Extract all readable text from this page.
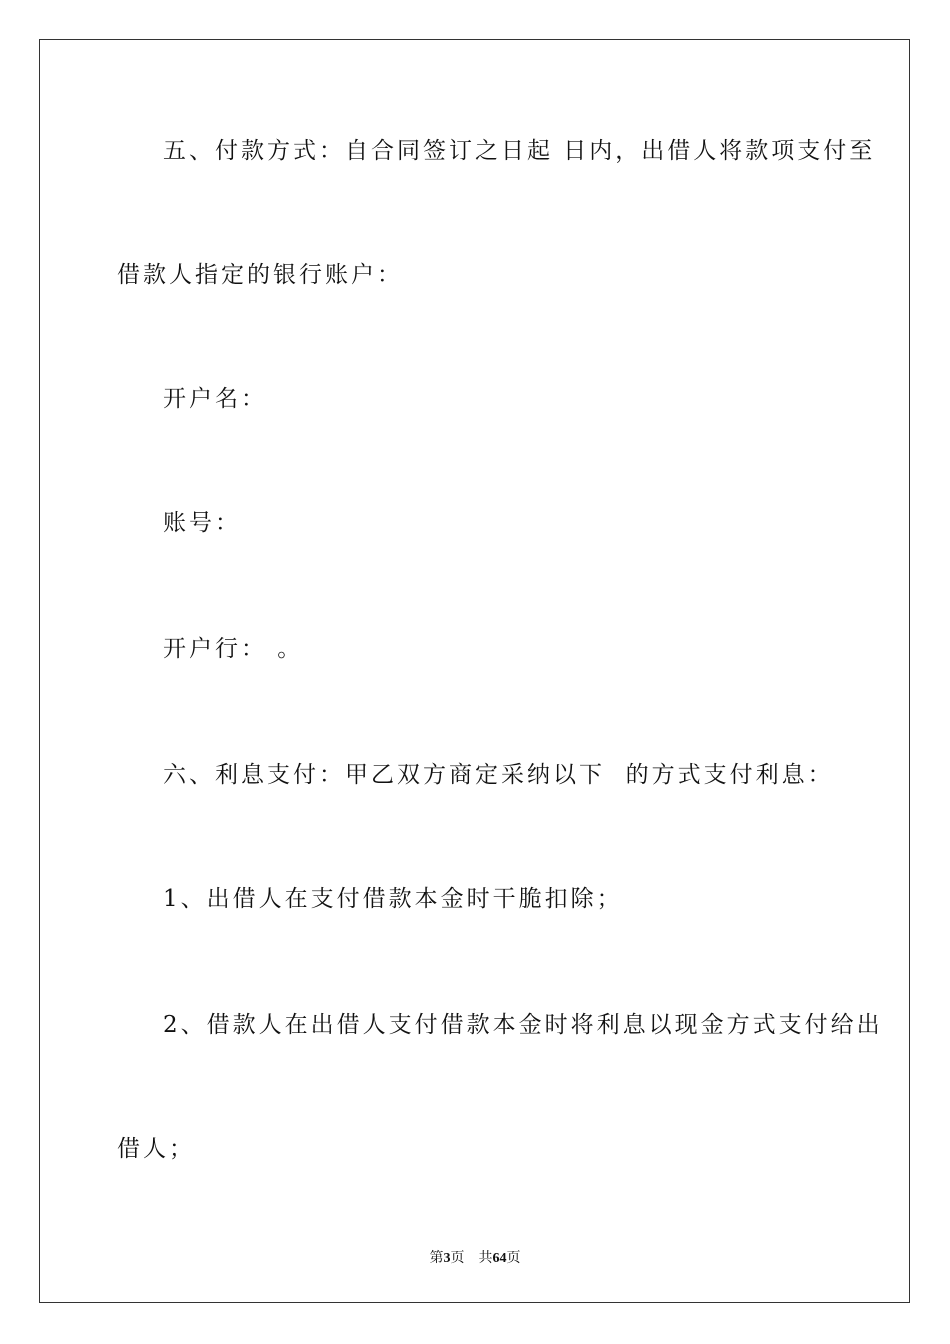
五、付款方式：自合同签订之日起 日内，出借人将款项支付至
借款人指定的银行账户：
开户名：
账号：
开户行： 。
六、利息支付：甲乙双方商定采纳以下  的方式支付利息：
1、出借人在支付借款本金时干脆扣除；
2、借款人在出借人支付借款本金时将利息以现金方式支付给出
借人；
第3页 共64页
